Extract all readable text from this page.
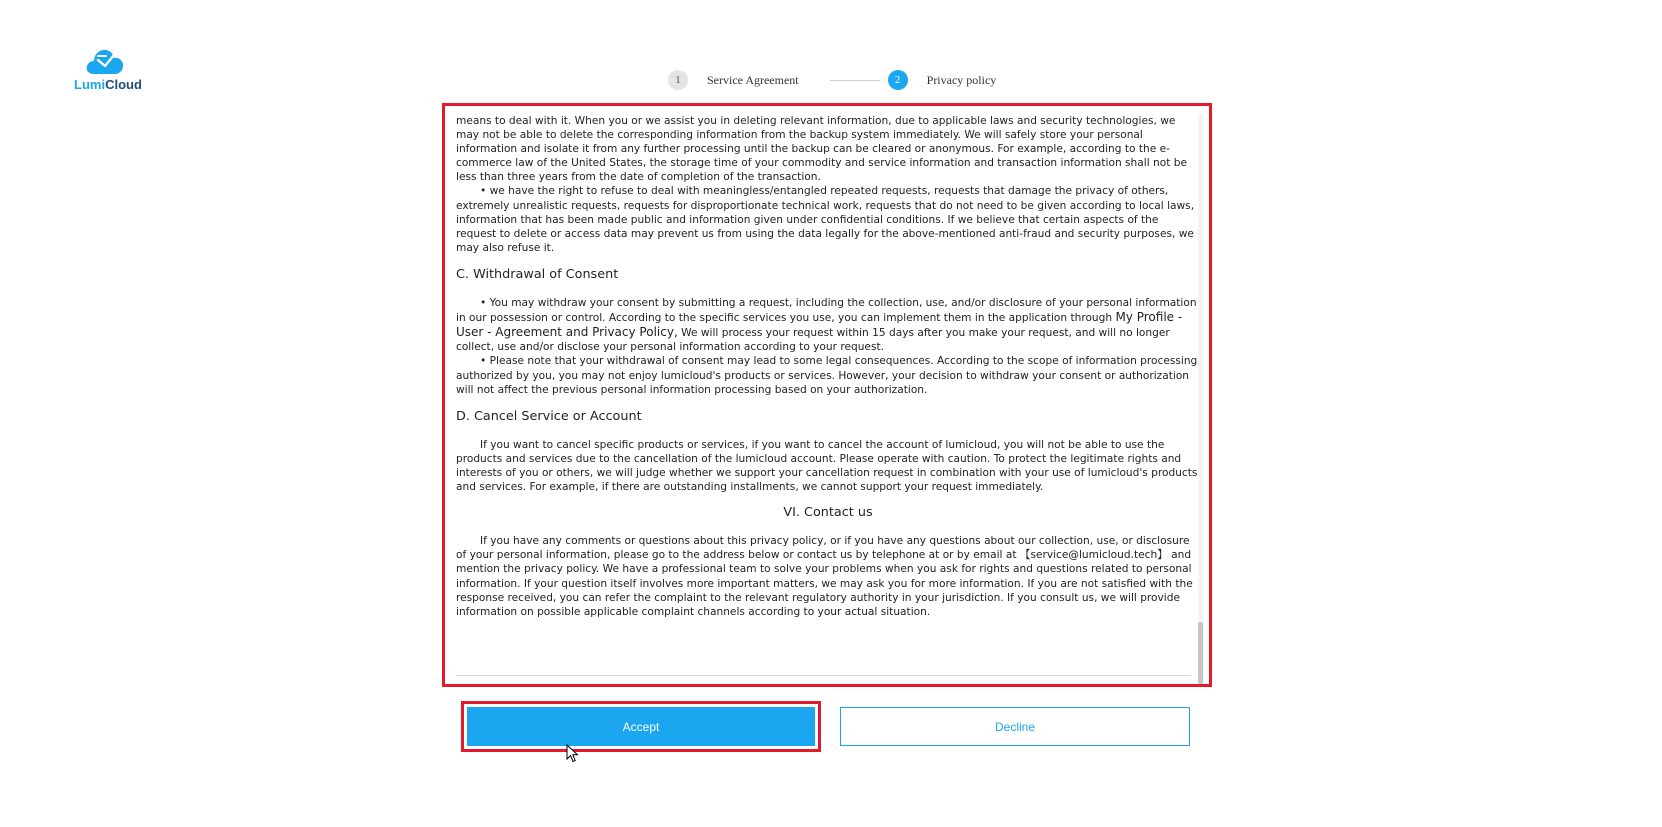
LumiCloud	1	Service Agreement	2	Privacy policy

means to deal with it. When you or we assist you in deleting relevant information, due to applicable laws and security technologies, we may not be able to delete the corresponding information from the backup system immediately. We will safely store your personal information and isolate it from any further processing until the backup can be cleared or anonymous. For example, according to the e-commerce law of the United States, the storage time of your commodity and service information and transaction information shall not be less than three years from the date of completion of the transaction.

• we have the right to refuse to deal with meaningless/entangled repeated requests, requests that damage the privacy of others, extremely unrealistic requests, requests for disproportionate technical work, requests that do not need to be given according to local laws, information that has been made public and information given under confidential conditions. If we believe that certain aspects of the request to delete or access data may prevent us from using the data legally for the above-mentioned anti-fraud and security purposes, we may also refuse it.

C. Withdrawal of Consent

• You may withdraw your consent by submitting a request, including the collection, use, and/or disclosure of your personal information in our possession or control. According to the specific services you use, you can implement them in the application through My Profile - User - Agreement and Privacy Policy, We will process your request within 15 days after you make your request, and will no longer collect, use and/or disclose your personal information according to your request.

• Please note that your withdrawal of consent may lead to some legal consequences. According to the scope of information processing authorized by you, you may not enjoy lumicloud's products or services. However, your decision to withdraw your consent or authorization will not affect the previous personal information processing based on your authorization.

D. Cancel Service or Account

If you want to cancel specific products or services, if you want to cancel the account of lumicloud, you will not be able to use the products and services due to the cancellation of the lumicloud account. Please operate with caution. To protect the legitimate rights and interests of you or others, we will judge whether we support your cancellation request in combination with your use of lumicloud's products and services. For example, if there are outstanding installments, we cannot support your request immediately.

VI. Contact us

If you have any comments or questions about this privacy policy, or if you have any questions about our collection, use, or disclosure of your personal information, please go to the address below or contact us by telephone at or by email at 【service@lumicloud.tech】 and mention the privacy policy. We have a professional team to solve your problems when you ask for rights and questions related to personal information. If your question itself involves more important matters, we may ask you for more information. If you are not satisfied with the response received, you can refer the complaint to the relevant regulatory authority in your jurisdiction. If you consult us, we will provide information on possible applicable complaint channels according to your actual situation.

Accept	Decline
